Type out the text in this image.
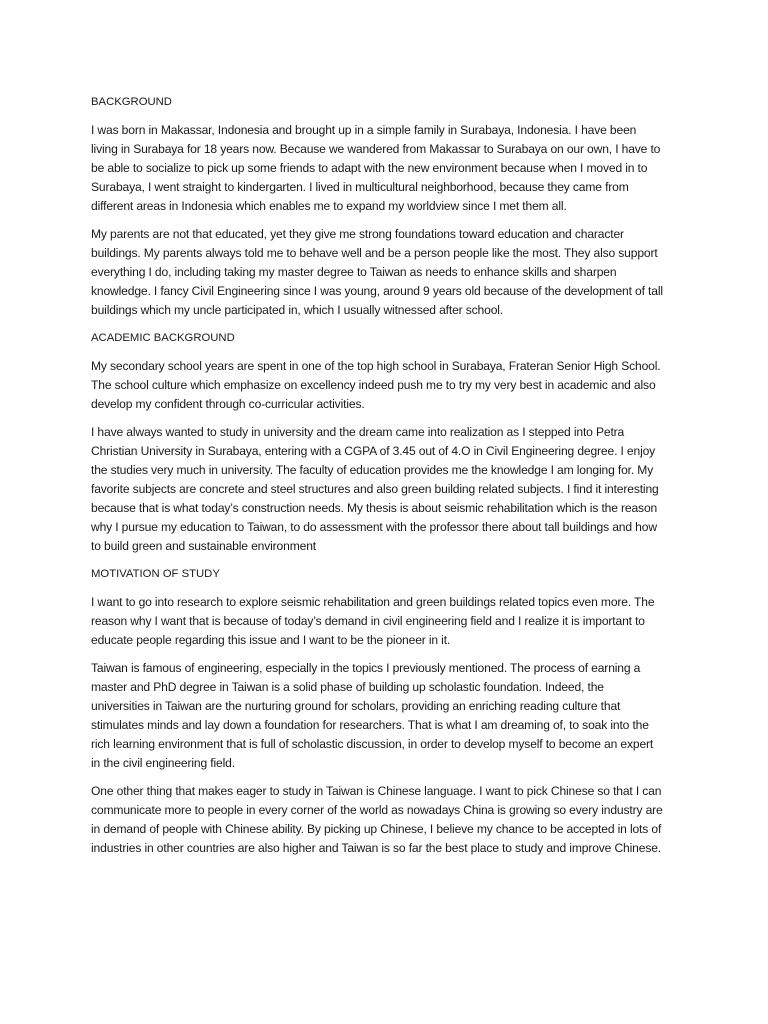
BACKGROUND

I was born in Makassar, Indonesia and brought up in a simple family in Surabaya, Indonesia. I have been living in Surabaya for 18 years now. Because we wandered from Makassar to Surabaya on our own, I have to be able to socialize to pick up some friends to adapt with the new environment because when I moved in to Surabaya, I went straight to kindergarten. I lived in multicultural neighborhood, because they came from different areas in Indonesia which enables me to expand my worldview since I met them all.

My parents are not that educated, yet they give me strong foundations toward education and character buildings. My parents always told me to behave well and be a person people like the most. They also support everything I do, including taking my master degree to Taiwan as needs to enhance skills and sharpen knowledge. I fancy Civil Engineering since I was young, around 9 years old because of the development of tall buildings which my uncle participated in, which I usually witnessed after school.

ACADEMIC BACKGROUND

My secondary school years are spent in one of the top high school in Surabaya, Frateran Senior High School. The school culture which emphasize on excellency indeed push me to try my very best in academic and also develop my confident through co-curricular activities.

I have always wanted to study in university and the dream came into realization as I stepped into Petra Christian University in Surabaya, entering with a CGPA of 3.45 out of 4.O in Civil Engineering degree. I enjoy the studies very much in university. The faculty of education provides me the knowledge I am longing for. My favorite subjects are concrete and steel structures and also green building related subjects. I find it interesting because that is what today’s construction needs. My thesis is about seismic rehabilitation which is the reason why I pursue my education to Taiwan, to do assessment with the professor there about tall buildings and how to build green and sustainable environment

MOTIVATION OF STUDY

I want to go into research to explore seismic rehabilitation and green buildings related topics even more. The reason why I want that is because of today’s demand in civil engineering field and I realize it is important to educate people regarding this issue and I want to be the pioneer in it.

Taiwan is famous of engineering, especially in the topics I previously mentioned. The process of earning a master and PhD degree in Taiwan is a solid phase of building up scholastic foundation. Indeed, the universities in Taiwan are the nurturing ground for scholars, providing an enriching reading culture that stimulates minds and lay down a foundation for researchers. That is what I am dreaming of, to soak into the rich learning environment that is full of scholastic discussion, in order to develop myself to become an expert in the civil engineering field.

One other thing that makes eager to study in Taiwan is Chinese language. I want to pick Chinese so that I can communicate more to people in every corner of the world as nowadays China is growing so every industry are in demand of people with Chinese ability. By picking up Chinese, I believe my chance to be accepted in lots of industries in other countries are also higher and Taiwan is so far the best place to study and improve Chinese.
